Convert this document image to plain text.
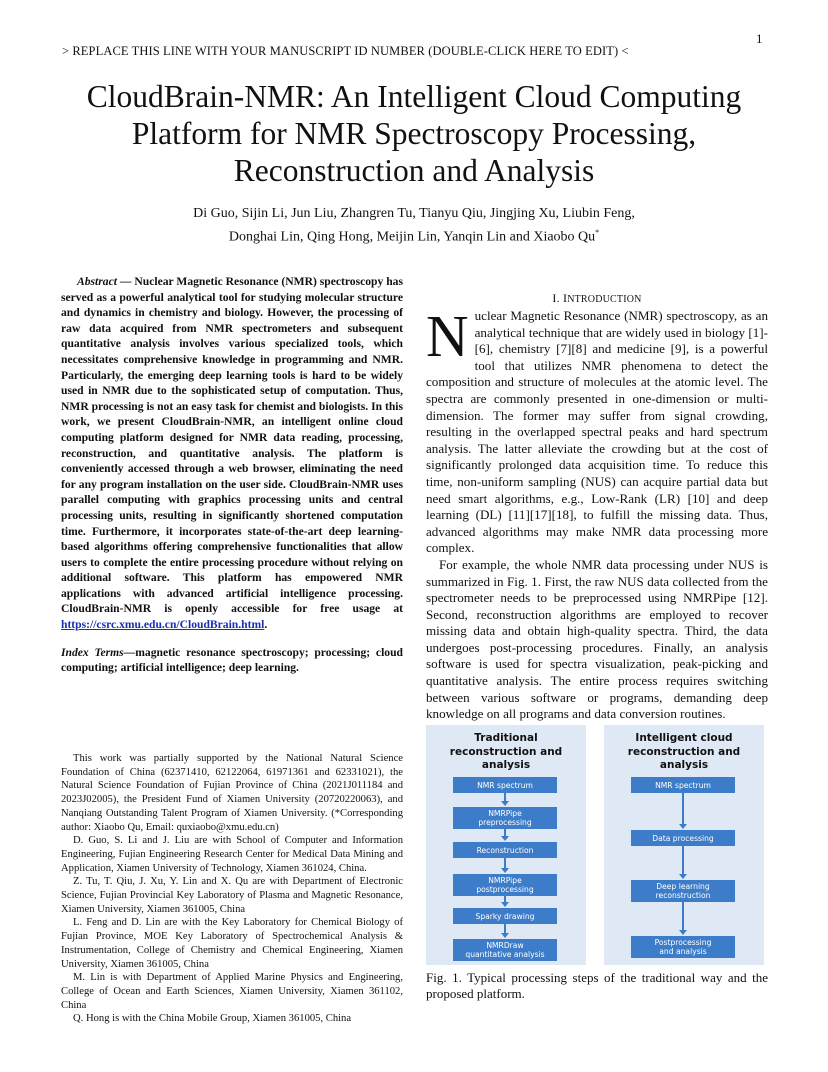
1
> REPLACE THIS LINE WITH YOUR MANUSCRIPT ID NUMBER (DOUBLE-CLICK HERE TO EDIT) <
CloudBrain-NMR: An Intelligent Cloud Computing
Platform for NMR Spectroscopy Processing,
Reconstruction and Analysis
Di Guo, Sijin Li, Jun Liu, Zhangren Tu, Tianyu Qiu, Jingjing Xu, Liubin Feng,
Donghai Lin, Qing Hong, Meijin Lin, Yanqin Lin and Xiaobo Qu*
Abstract — Nuclear Magnetic Resonance (NMR) spectroscopy has served as a powerful analytical tool for studying molecular structure and dynamics in chemistry and biology. However, the processing of raw data acquired from NMR spectrometers and subsequent quantitative analysis involves various specialized tools, which necessitates comprehensive knowledge in programming and NMR. Particularly, the emerging deep learning tools is hard to be widely used in NMR due to the sophisticated setup of computation. Thus, NMR processing is not an easy task for chemist and biologists. In this work, we present CloudBrain-NMR, an intelligent online cloud computing platform designed for NMR data reading, processing, reconstruction, and quantitative analysis. The platform is conveniently accessed through a web browser, eliminating the need for any program installation on the user side. CloudBrain-NMR uses parallel computing with graphics processing units and central processing units, resulting in significantly shortened computation time. Furthermore, it incorporates state-of-the-art deep learning-based algorithms offering comprehensive functionalities that allow users to complete the entire processing procedure without relying on additional software. This platform has empowered NMR applications with advanced artificial intelligence processing. CloudBrain-NMR is openly accessible for free usage at https://csrc.xmu.edu.cn/CloudBrain.html.
Index Terms—magnetic resonance spectroscopy; processing; cloud computing; artificial intelligence; deep learning.

This work was partially supported by the National Natural Science Foundation of China (62371410, 62122064, 61971361 and 62331021), the Natural Science Foundation of Fujian Province of China (2021J011184 and 2023J02005), the President Fund of Xiamen University (20720220063), and Nanqiang Outstanding Talent Program of Xiamen University. (*Corresponding author: Xiaobo Qu, Email: quxiaobo@xmu.edu.cn)

D. Guo, S. Li and J. Liu are with School of Computer and Information Engineering, Fujian Engineering Research Center for Medical Data Mining and Application, Xiamen University of Technology, Xiamen 361024, China.

Z. Tu, T. Qiu, J. Xu, Y. Lin and X. Qu are with Department of Electronic Science, Fujian Provincial Key Laboratory of Plasma and Magnetic Resonance, Xiamen University, Xiamen 361005, China

L. Feng and D. Lin are with the Key Laboratory for Chemical Biology of Fujian Province, MOE Key Laboratory of Spectrochemical Analysis & Instrumentation, College of Chemistry and Chemical Engineering, Xiamen University, Xiamen 361005, China

M. Lin is with Department of Applied Marine Physics and Engineering, College of Ocean and Earth Sciences, Xiamen University, Xiamen 361102, China

Q. Hong is with the China Mobile Group, Xiamen 361005, China

I. INTRODUCTION

Nuclear Magnetic Resonance (NMR) spectroscopy, as an analytical technique that are widely used in biology [1]-[6], chemistry [7][8] and medicine [9], is a powerful tool that utilizes NMR phenomena to detect the composition and structure of molecules at the atomic level. The spectra are commonly presented in one-dimension or multi-dimension. The former may suffer from signal crowding, resulting in the overlapped spectral peaks and hard spectrum analysis. The latter alleviate the crowding but at the cost of significantly prolonged data acquisition time. To reduce this time, non-uniform sampling (NUS) can acquire partial data but need smart algorithms, e.g., Low-Rank (LR) [10] and deep learning (DL) [11][17][18], to fulfill the missing data. Thus, advanced algorithms may make NMR data processing more complex.

For example, the whole NMR data processing under NUS is summarized in Fig. 1. First, the raw NUS data collected from the spectrometer needs to be preprocessed using NMRPipe [12]. Second, reconstruction algorithms are employed to recover missing data and obtain high-quality spectra. Third, the data undergoes post-processing procedures. Finally, an analysis software is used for spectra visualization, peak-picking and quantitative analysis. The entire process requires switching between various software or programs, demanding deep knowledge on all programs and data conversion routines.

Traditional
reconstruction and
analysis
NMR spectrum
NMRPipe
preprocessing
Reconstruction
NMRPipe
postprocessing
Sparky drawing
NMRDraw
quantitative analysis
Intelligent cloud
reconstruction and
analysis
NMR spectrum
Data processing
Deep learning
reconstruction
Postprocessing
and analysis
Fig. 1. Typical processing steps of the traditional way and the proposed platform.
